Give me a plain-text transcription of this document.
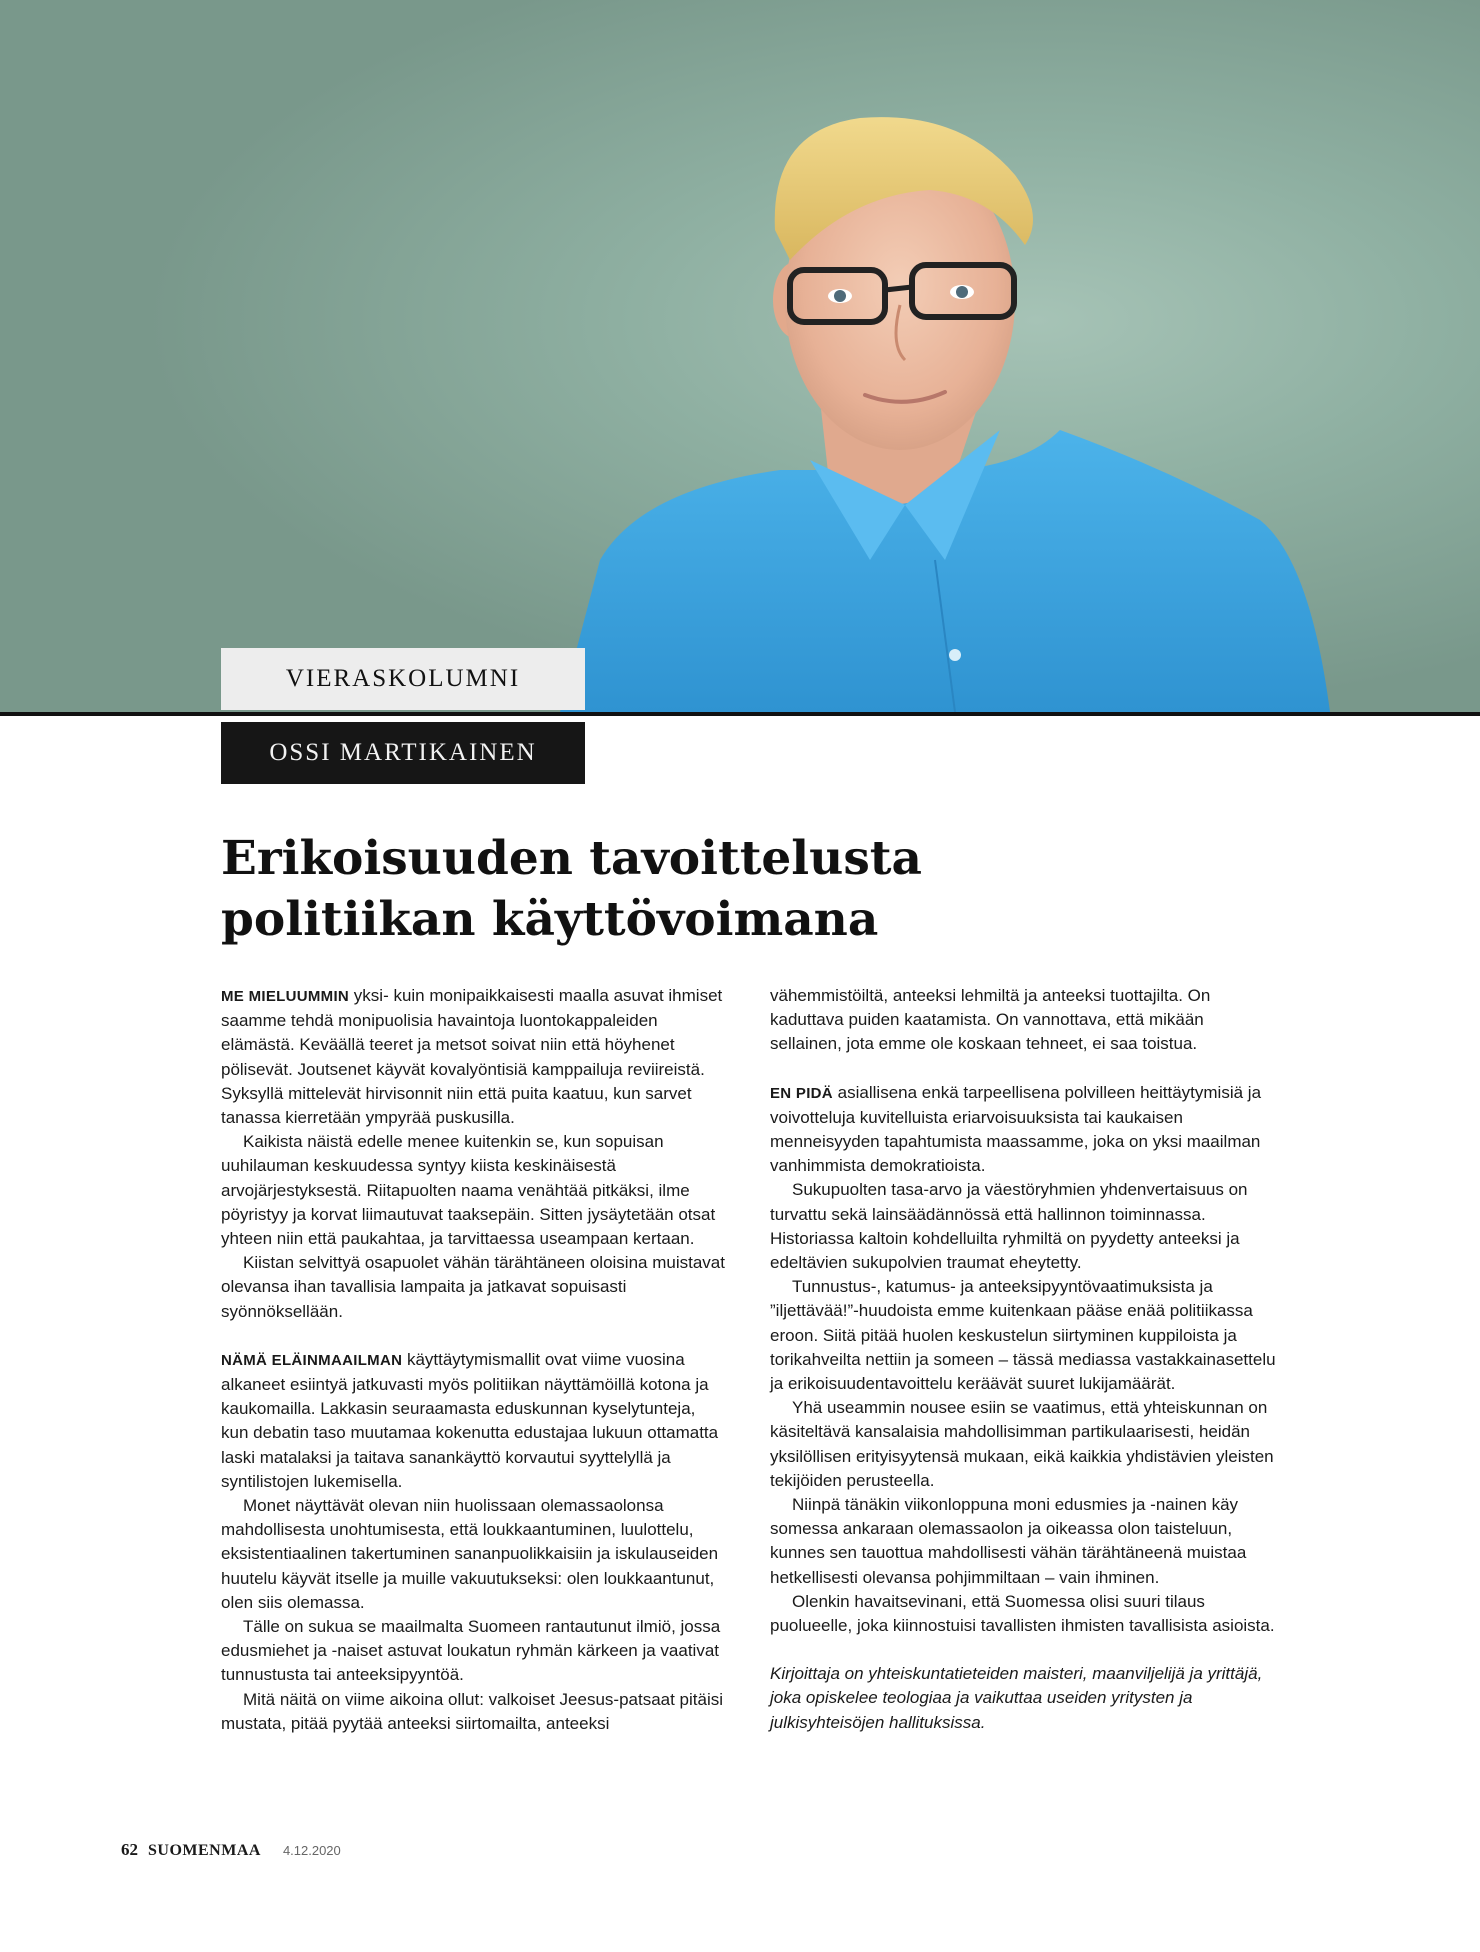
VIERASKOLUMNI
OSSI MARTIKAINEN
Erikoisuuden tavoittelusta
politiikan käyttövoimana

ME MIELUUMMIN yksi- kuin monipaikkaisesti maalla asuvat ihmiset saamme tehdä monipuolisia havaintoja luontokappaleiden elämästä. Keväällä teeret ja metsot soivat niin että höyhenet pölisevät. Joutsenet käyvät kovalyöntisiä kamppailuja reviireistä. Syksyllä mittelevät hirvisonnit niin että puita kaatuu, kun sarvet tanassa kierretään ympyrää puskusilla.

Kaikista näistä edelle menee kuitenkin se, kun sopuisan uuhilauman keskuudessa syntyy kiista keskinäisestä arvojärjestyksestä. Riitapuolten naama venähtää pitkäksi, ilme pöyristyy ja korvat liimautuvat taaksepäin. Sitten jysäytetään otsat yhteen niin että paukahtaa, ja tarvittaessa useampaan kertaan.

Kiistan selvittyä osapuolet vähän tärähtäneen oloisina muistavat olevansa ihan tavallisia lampaita ja jatkavat sopuisasti syönnöksellään.

NÄMÄ ELÄINMAAILMAN käyttäytymismallit ovat viime vuosina alkaneet esiintyä jatkuvasti myös politiikan näyttämöillä kotona ja kaukomailla. Lakkasin seuraamasta eduskunnan kyselytunteja, kun debatin taso muutamaa kokenutta edustajaa lukuun ottamatta laski matalaksi ja taitava sanankäyttö korvautui syyttelyllä ja syntilistojen lukemisella.

Monet näyttävät olevan niin huolissaan olemassaolonsa mahdollisesta unohtumisesta, että loukkaantuminen, luulottelu, eksistentiaalinen takertuminen sananpuolikkaisiin ja iskulauseiden huutelu käyvät itselle ja muille vakuutukseksi: olen loukkaantunut, olen siis olemassa.

Tälle on sukua se maailmalta Suomeen rantautunut ilmiö, jossa edusmiehet ja -naiset astuvat loukatun ryhmän kärkeen ja vaativat tunnustusta tai anteeksipyyntöä.

Mitä näitä on viime aikoina ollut: valkoiset Jeesus-patsaat pitäisi mustata, pitää pyytää anteeksi siirtomailta, anteeksi

vähemmistöiltä, anteeksi lehmiltä ja anteeksi tuottajilta. On kaduttava puiden kaatamista. On vannottava, että mikään sellainen, jota emme ole koskaan tehneet, ei saa toistua.

EN PIDÄ asiallisena enkä tarpeellisena polvilleen heittäytymisiä ja voivotteluja kuvitelluista eriarvoisuuksista tai kaukaisen menneisyyden tapahtumista maassamme, joka on yksi maailman vanhimmista demokratioista.

Sukupuolten tasa-arvo ja väestöryhmien yhdenvertaisuus on turvattu sekä lainsäädännössä että hallinnon toiminnassa. Historiassa kaltoin kohdelluilta ryhmiltä on pyydetty anteeksi ja edeltävien sukupolvien traumat eheytetty.

Tunnustus-, katumus- ja anteeksipyyntövaatimuksista ja ”iljettävää!”-huudoista emme kuitenkaan pääse enää politiikassa eroon. Siitä pitää huolen keskustelun siirtyminen kuppiloista ja torikahveilta nettiin ja someen – tässä mediassa vastakkainasettelu ja erikoisuudentavoittelu keräävät suuret lukijamäärät.

Yhä useammin nousee esiin se vaatimus, että yhteiskunnan on käsiteltävä kansalaisia mahdollisimman partikulaarisesti, heidän yksilöllisen erityisyytensä mukaan, eikä kaikkia yhdistävien yleisten tekijöiden perusteella.

Niinpä tänäkin viikonloppuna moni edusmies ja -nainen käy somessa ankaraan olemassaolon ja oikeassa olon taisteluun, kunnes sen tauottua mahdollisesti vähän tärähtäneenä muistaa hetkellisesti olevansa pohjimmiltaan – vain ihminen.

Olenkin havaitsevinani, että Suomessa olisi suuri tilaus puolueelle, joka kiinnostuisi tavallisten ihmisten tavallisista asioista.

Kirjoittaja on yhteiskuntatieteiden maisteri, maanviljelijä ja yrittäjä, joka opiskelee teologiaa ja vaikuttaa useiden yritysten ja julkisyhteisöjen hallituksissa.

62 SUOMENMAA 4.12.2020
